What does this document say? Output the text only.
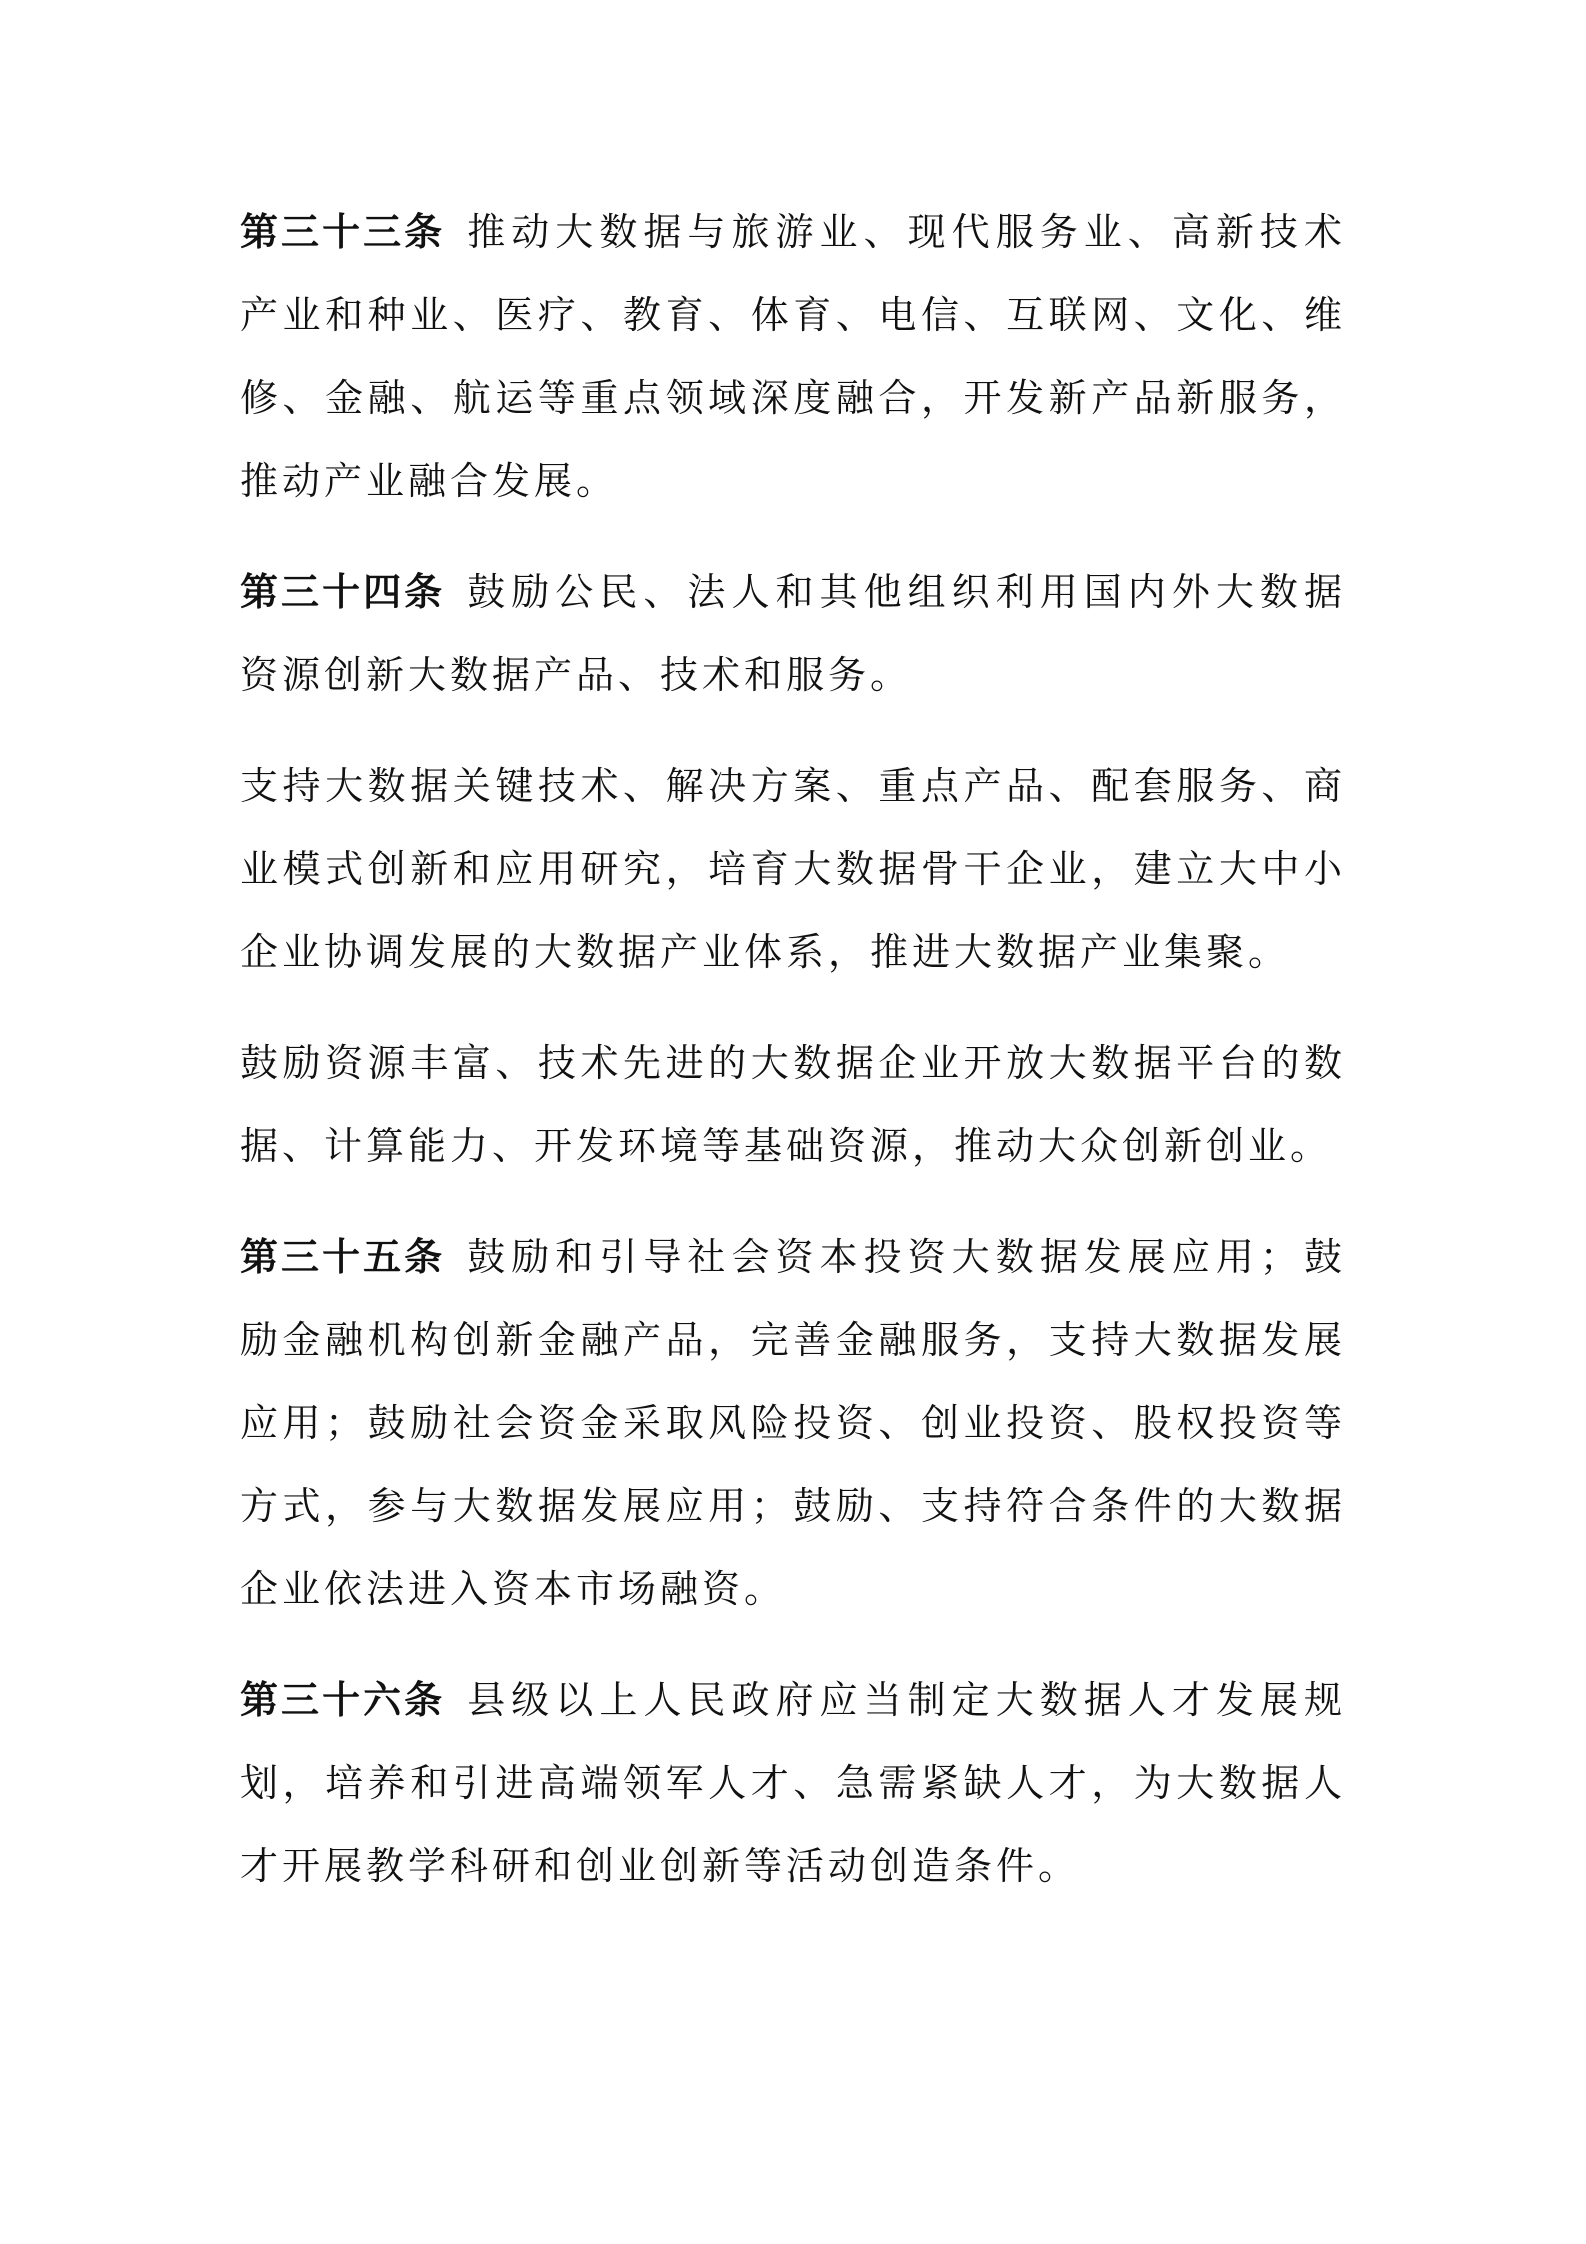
第三十三条 推动大数据与旅游业、现代服务业、高新技术
产业和种业、医疗、教育、体育、电信、互联网、文化、维
修、金融、航运等重点领域深度融合，开发新产品新服务，
推动产业融合发展。
第三十四条 鼓励公民、法人和其他组织利用国内外大数据
资源创新大数据产品、技术和服务。
支持大数据关键技术、解决方案、重点产品、配套服务、商
业模式创新和应用研究，培育大数据骨干企业，建立大中小
企业协调发展的大数据产业体系，推进大数据产业集聚。
鼓励资源丰富、技术先进的大数据企业开放大数据平台的数
据、计算能力、开发环境等基础资源，推动大众创新创业。
第三十五条 鼓励和引导社会资本投资大数据发展应用；鼓
励金融机构创新金融产品，完善金融服务，支持大数据发展
应用；鼓励社会资金采取风险投资、创业投资、股权投资等
方式，参与大数据发展应用；鼓励、支持符合条件的大数据
企业依法进入资本市场融资。
第三十六条 县级以上人民政府应当制定大数据人才发展规
划，培养和引进高端领军人才、急需紧缺人才，为大数据人
才开展教学科研和创业创新等活动创造条件。
